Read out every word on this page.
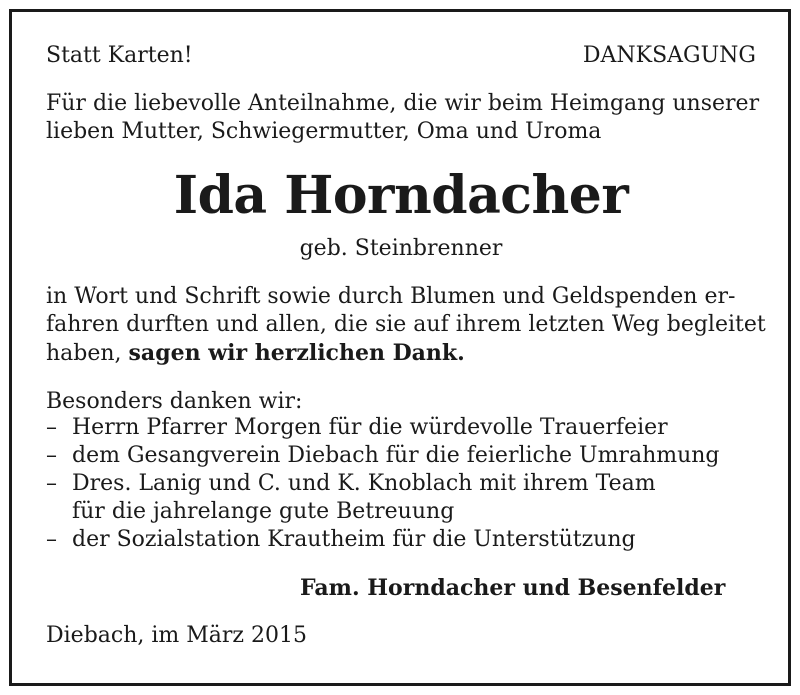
Statt Karten!	DANKSAGUNG
Für die liebevolle Anteilnahme, die wir beim Heimgang unserer
lieben Mutter, Schwiegermutter, Oma und Uroma
Ida Horndacher
geb. Steinbrenner
in Wort und Schrift sowie durch Blumen und Geldspenden er-
fahren durften und allen, die sie auf ihrem letzten Weg begleitet
haben, sagen wir herzlichen Dank.
Besonders danken wir:
– Herrn Pfarrer Morgen für die würdevolle Trauerfeier
– dem Gesangverein Diebach für die feierliche Umrahmung
– Dres. Lanig und C. und K. Knoblach mit ihrem Team
für die jahrelange gute Betreuung
– der Sozialstation Krautheim für die Unterstützung
Fam. Horndacher und Besenfelder
Diebach, im März 2015
